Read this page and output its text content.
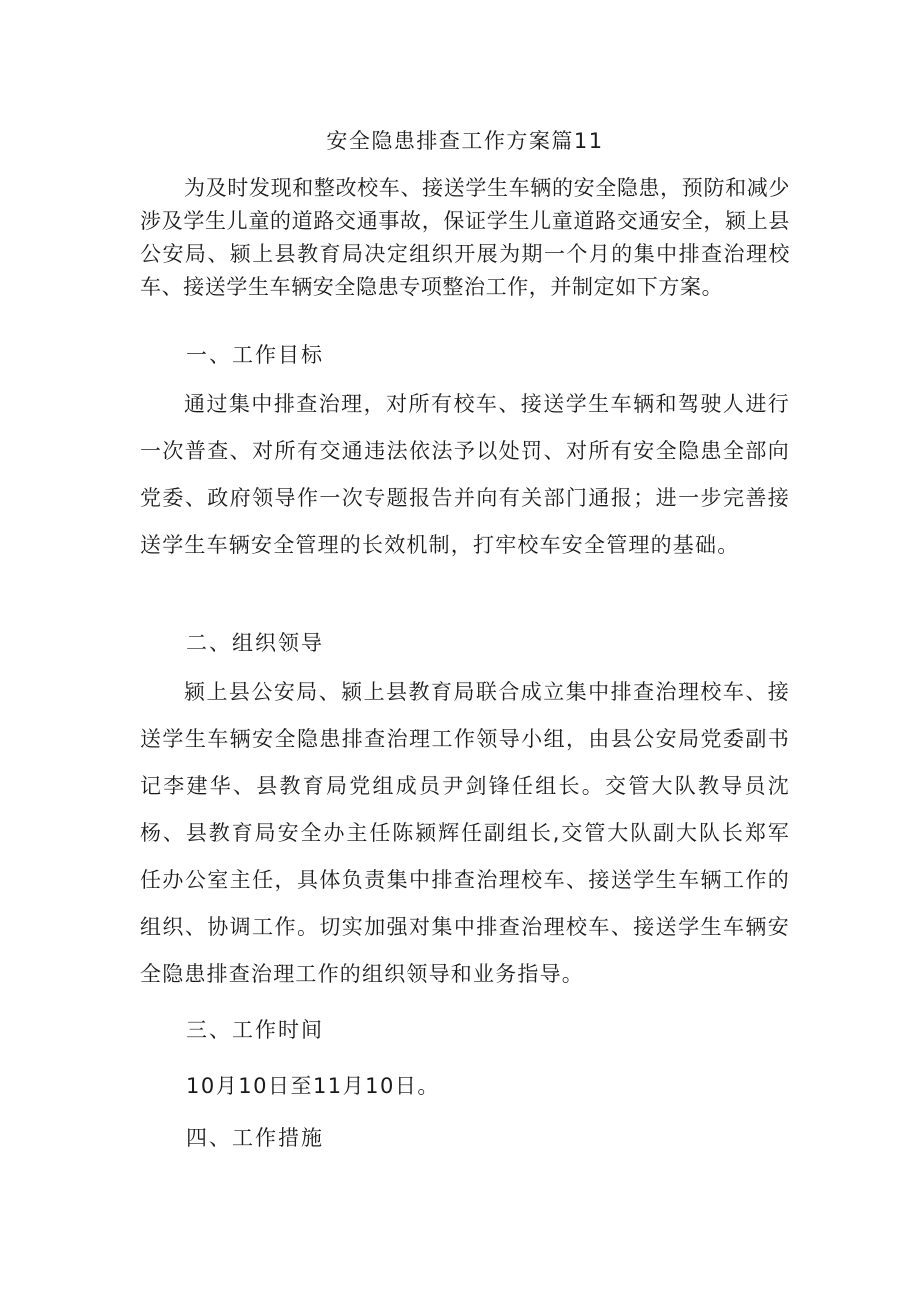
安全隐患排查工作方案篇11

为及时发现和整改校车、接送学生车辆的安全隐患，预防和减少涉及学生儿童的道路交通事故，保证学生儿童道路交通安全，颍上县公安局、颍上县教育局决定组织开展为期一个月的集中排查治理校车、接送学生车辆安全隐患专项整治工作，并制定如下方案。

一、工作目标

通过集中排查治理，对所有校车、接送学生车辆和驾驶人进行一次普查、对所有交通违法依法予以处罚、对所有安全隐患全部向党委、政府领导作一次专题报告并向有关部门通报；进一步完善接送学生车辆安全管理的长效机制，打牢校车安全管理的基础。

二、组织领导

颍上县公安局、颍上县教育局联合成立集中排查治理校车、接送学生车辆安全隐患排查治理工作领导小组，由县公安局党委副书记李建华、县教育局党组成员尹剑锋任组长。交管大队教导员沈杨、县教育局安全办主任陈颍辉任副组长,交管大队副大队长郑军任办公室主任，具体负责集中排查治理校车、接送学生车辆工作的组织、协调工作。切实加强对集中排查治理校车、接送学生车辆安全隐患排查治理工作的组织领导和业务指导。

三、工作时间

10月10日至11月10日。

四、工作措施
